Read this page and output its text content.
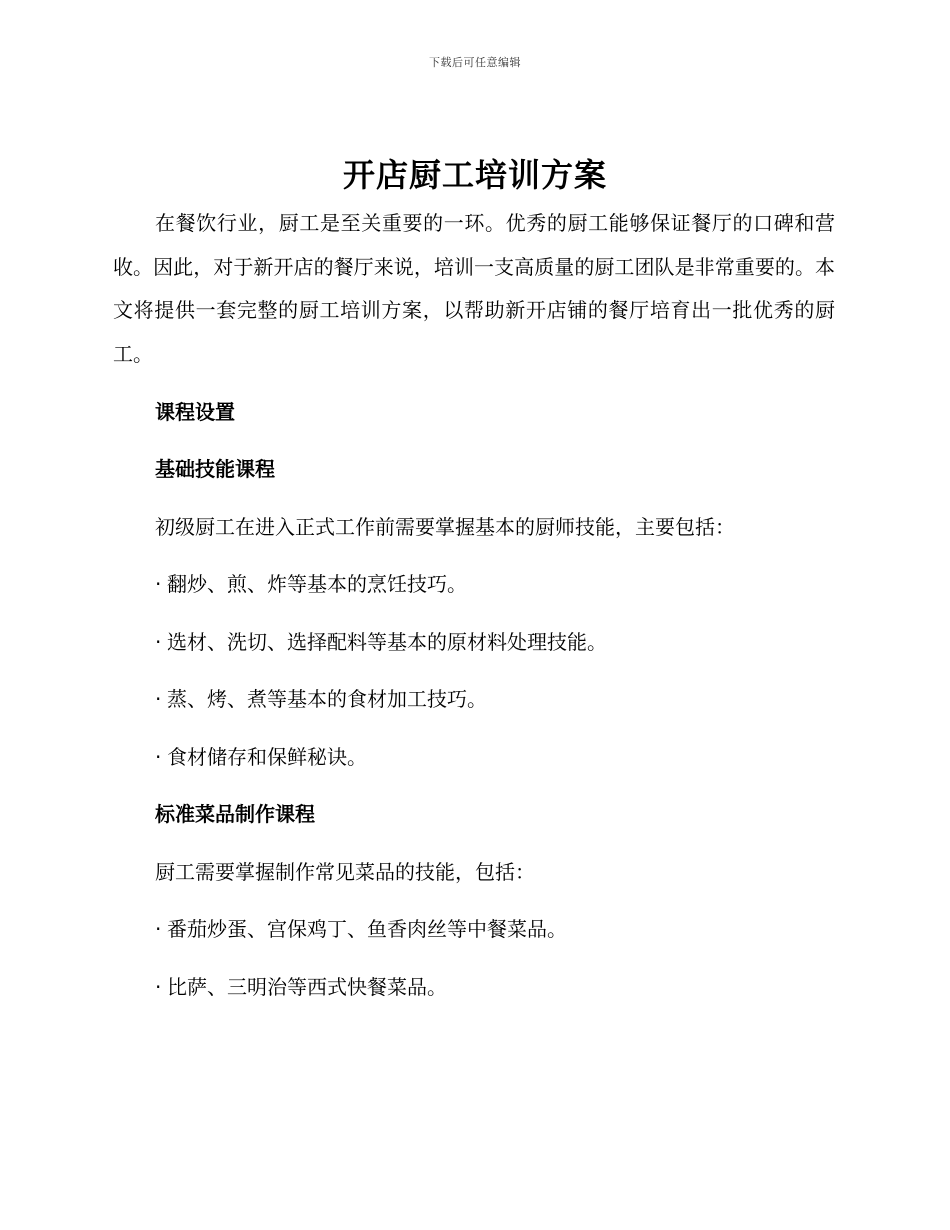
下载后可任意编辑
开店厨工培训方案

在餐饮行业，厨工是至关重要的一环。优秀的厨工能够保证餐厅的口碑和营收。因此，对于新开店的餐厅来说，培训一支高质量的厨工团队是非常重要的。本文将提供一套完整的厨工培训方案，以帮助新开店铺的餐厅培育出一批优秀的厨工。

课程设置

基础技能课程

初级厨工在进入正式工作前需要掌握基本的厨师技能，主要包括：

· 翻炒、煎、炸等基本的烹饪技巧。

· 选材、洗切、选择配料等基本的原材料处理技能。

· 蒸、烤、煮等基本的食材加工技巧。

· 食材储存和保鲜秘诀。

标准菜品制作课程

厨工需要掌握制作常见菜品的技能，包括：

· 番茄炒蛋、宫保鸡丁、鱼香肉丝等中餐菜品。

· 比萨、三明治等西式快餐菜品。
